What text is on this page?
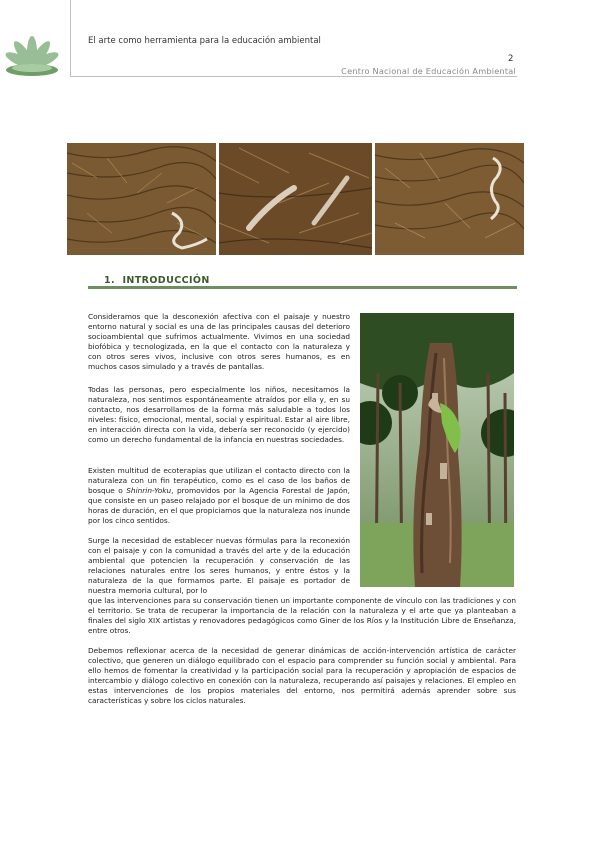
El arte como herramienta para la educación ambiental
2
Centro Nacional de Educación Ambiental
1. INTRODUCCIÓN

Consideramos que la desconexión afectiva con el paisaje y nuestro entorno natural y social es una de las principales causas del deterioro socioambiental que sufrimos actualmente. Vivimos en una sociedad biofóbica y tecnologizada, en la que el contacto con la naturaleza y con otros seres vivos, inclusive con otros seres humanos, es en muchos casos simulado y a través de pantallas.

Todas las personas, pero especialmente los niños, necesitamos la naturaleza, nos sentimos espontáneamente atraídos por ella y, en su contacto, nos desarrollamos de la forma más saludable a todos los niveles: físico, emocional, mental, social y espiritual. Estar al aire libre, en interacción directa con la vida, debería ser reconocido (y ejercido) como un derecho fundamental de la infancia en nuestras sociedades.

Existen multitud de ecoterapias que utilizan el contacto directo con la naturaleza con un fin terapéutico, como es el caso de los baños de bosque o Shinrin-Yoku, promovidos por la Agencia Forestal de Japón, que consiste en un paseo relajado por el bosque de un mínimo de dos horas de duración, en el que propiciamos que la naturaleza nos inunde por los cinco sentidos.

Surge la necesidad de establecer nuevas fórmulas para la reconexión con el paisaje y con la comunidad a través del arte y de la educación ambiental que potencien la recuperación y conservación de las relaciones naturales entre los seres humanos, y entre éstos y la naturaleza de la que formamos parte. El paisaje es portador de nuestra memoria cultural, por lo

que las intervenciones para su conservación tienen un importante componente de vínculo con las tradiciones y con el territorio. Se trata de recuperar la importancia de la relación con la naturaleza y el arte que ya planteaban a finales del siglo XIX artistas y renovadores pedagógicos como Giner de los Ríos y la Institución Libre de Enseñanza, entre otros.

Debemos reflexionar acerca de la necesidad de generar dinámicas de acción-intervención artística de carácter colectivo, que generen un diálogo equilibrado con el espacio para comprender su función social y ambiental. Para ello hemos de fomentar la creatividad y la participación social para la recuperación y apropiación de espacios de intercambio y diálogo colectivo en conexión con la naturaleza, recuperando así paisajes y relaciones. El empleo en estas intervenciones de los propios materiales del entorno, nos permitirá además aprender sobre sus características y sobre los ciclos naturales.
